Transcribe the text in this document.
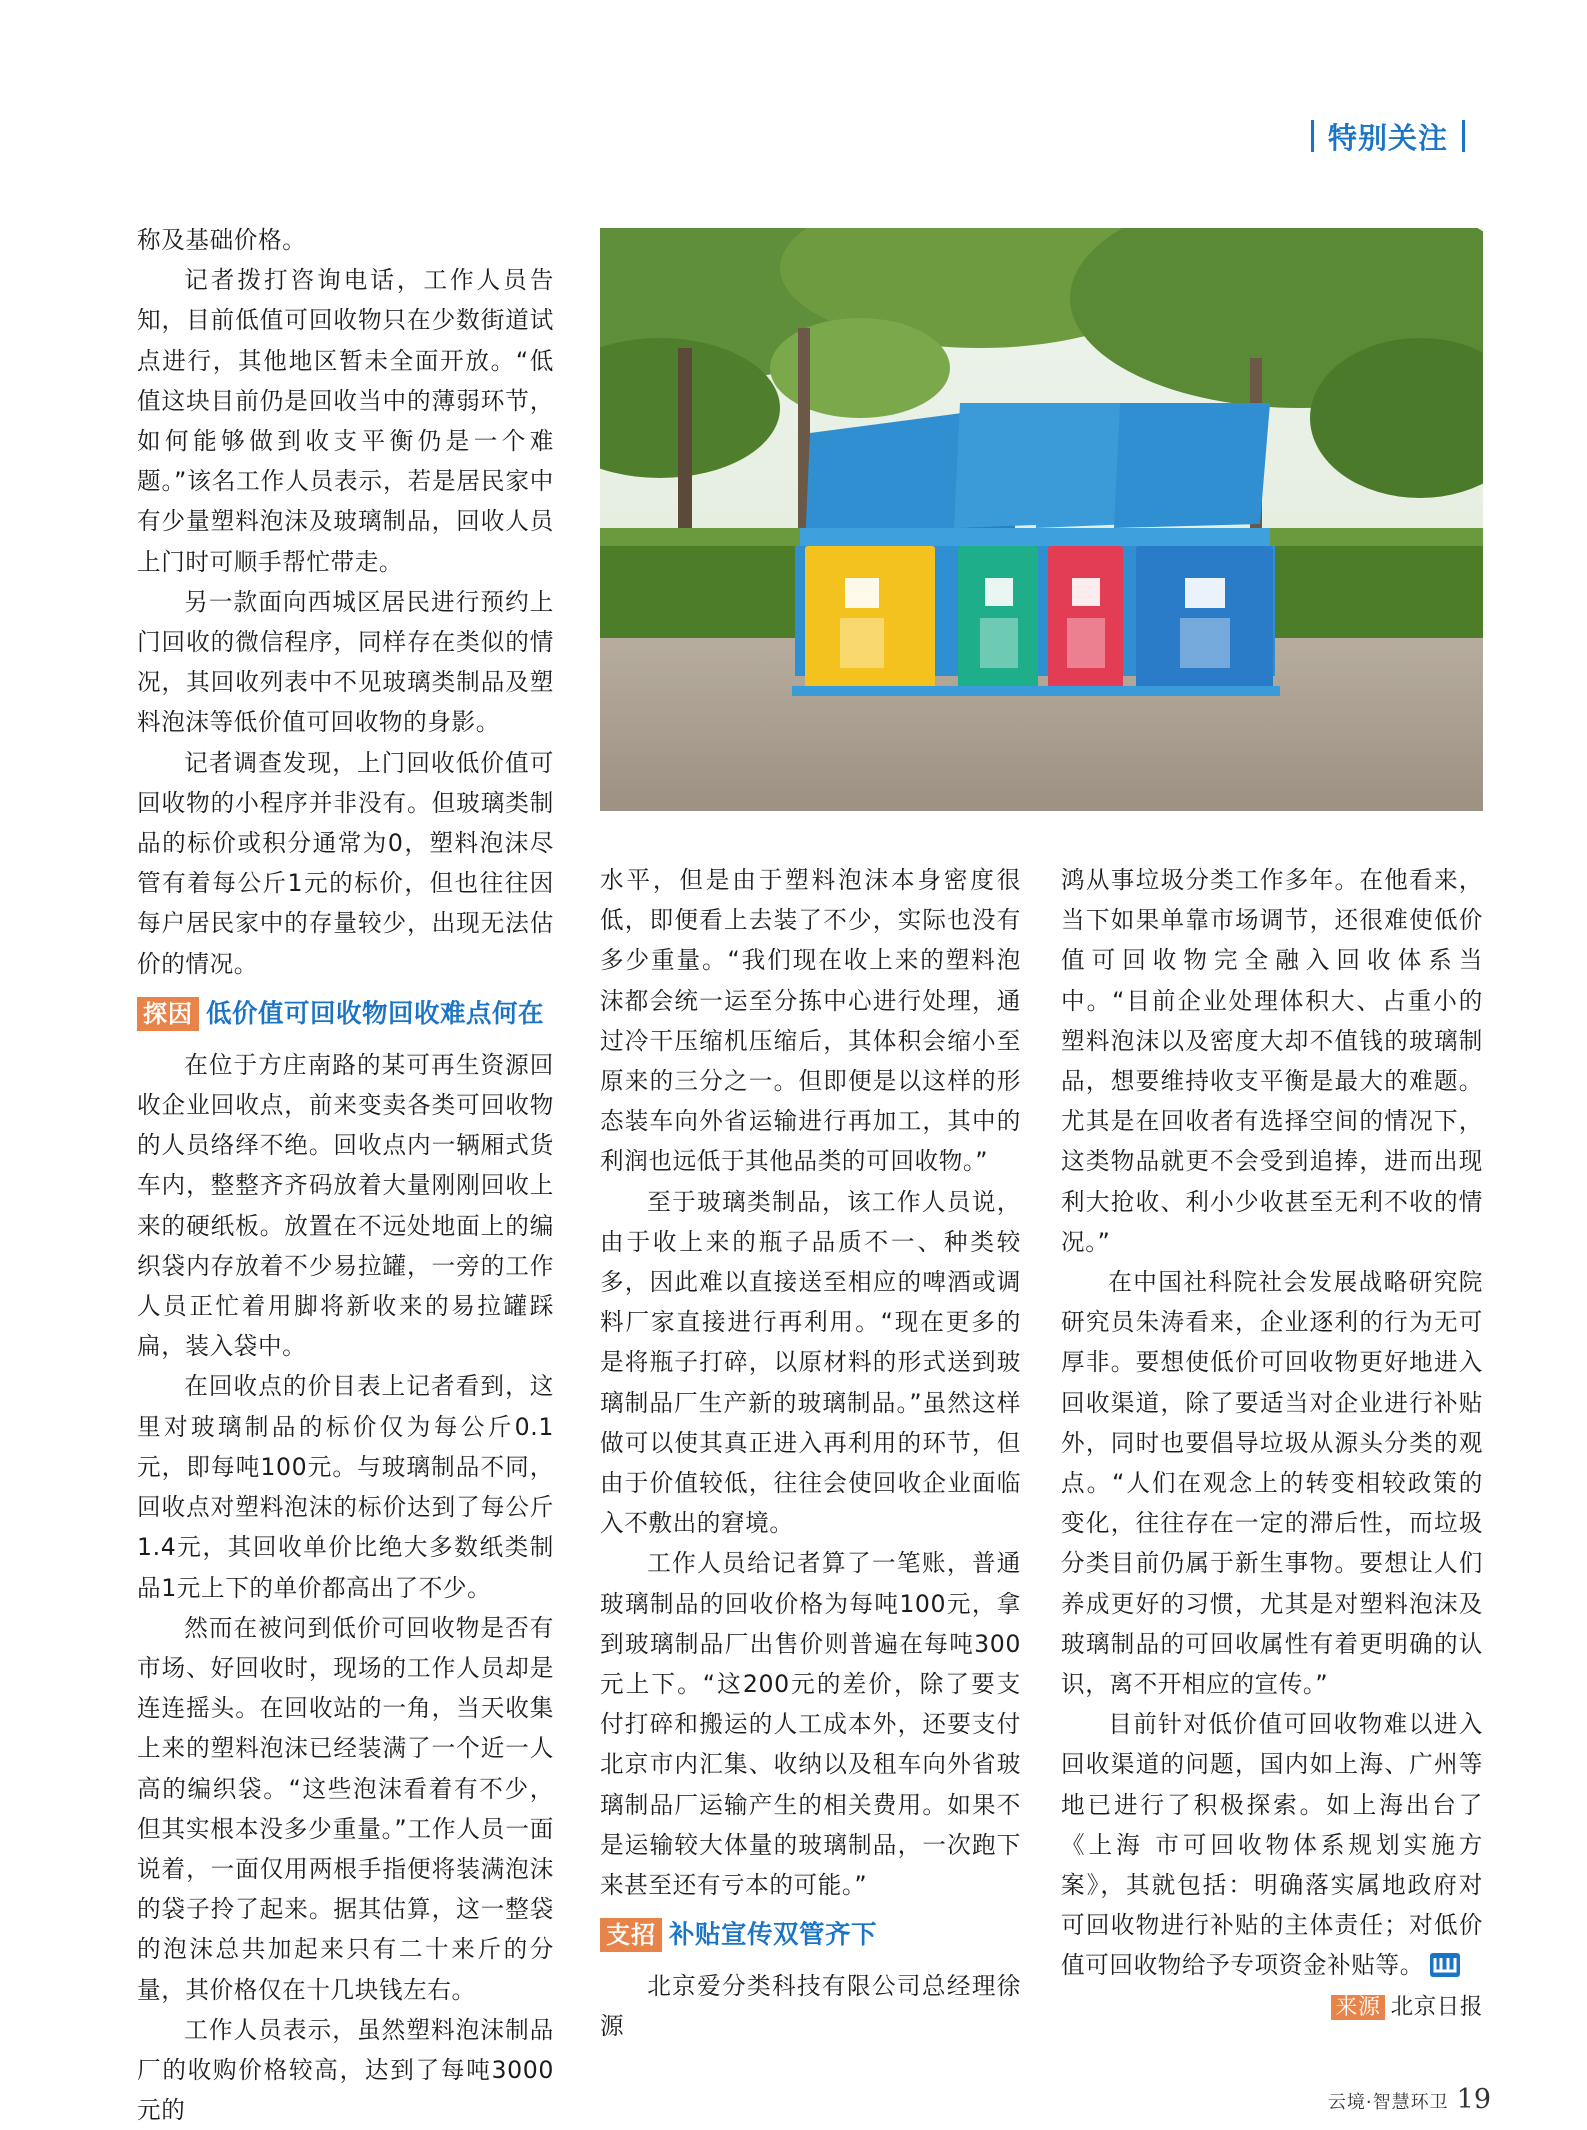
特别关注

称及基础价格。

记者拨打咨询电话，工作人员告知，目前低值可回收物只在少数街道试点进行，其他地区暂未全面开放。“低值这块目前仍是回收当中的薄弱环节，如何能够做到收支平衡仍是一个难题。”该名工作人员表示，若是居民家中有少量塑料泡沫及玻璃制品，回收人员上门时可顺手帮忙带走。

另一款面向西城区居民进行预约上门回收的微信程序，同样存在类似的情况，其回收列表中不见玻璃类制品及塑料泡沫等低价值可回收物的身影。

记者调查发现，上门回收低价值可回收物的小程序并非没有。但玻璃类制品的标价或积分通常为0，塑料泡沫尽管有着每公斤1元的标价，但也往往因每户居民家中的存量较少，出现无法估价的情况。

探因 低价值可回收物回收难点何在

在位于方庄南路的某可再生资源回收企业回收点，前来变卖各类可回收物的人员络绎不绝。回收点内一辆厢式货车内，整整齐齐码放着大量刚刚回收上来的硬纸板。放置在不远处地面上的编织袋内存放着不少易拉罐，一旁的工作人员正忙着用脚将新收来的易拉罐踩扁，装入袋中。

在回收点的价目表上记者看到，这里对玻璃制品的标价仅为每公斤0.1元，即每吨100元。与玻璃制品不同，回收点对塑料泡沫的标价达到了每公斤1.4元，其回收单价比绝大多数纸类制品1元上下的单价都高出了不少。

然而在被问到低价可回收物是否有市场、好回收时，现场的工作人员却是连连摇头。在回收站的一角，当天收集上来的塑料泡沫已经装满了一个近一人高的编织袋。“这些泡沫看着有不少，但其实根本没多少重量。”工作人员一面说着，一面仅用两根手指便将装满泡沫的袋子拎了起来。据其估算，这一整袋的泡沫总共加起来只有二十来斤的分量，其价格仅在十几块钱左右。

工作人员表示，虽然塑料泡沫制品厂的收购价格较高，达到了每吨3000元的

水平，但是由于塑料泡沫本身密度很低，即便看上去装了不少，实际也没有多少重量。“我们现在收上来的塑料泡沫都会统一运至分拣中心进行处理，通过冷干压缩机压缩后，其体积会缩小至原来的三分之一。但即便是以这样的形态装车向外省运输进行再加工，其中的利润也远低于其他品类的可回收物。”

至于玻璃类制品，该工作人员说，由于收上来的瓶子品质不一、种类较多，因此难以直接送至相应的啤酒或调料厂家直接进行再利用。“现在更多的是将瓶子打碎，以原材料的形式送到玻璃制品厂生产新的玻璃制品。”虽然这样做可以使其真正进入再利用的环节，但由于价值较低，往往会使回收企业面临入不敷出的窘境。

工作人员给记者算了一笔账，普通玻璃制品的回收价格为每吨100元，拿到玻璃制品厂出售价则普遍在每吨300元上下。“这200元的差价，除了要支付打碎和搬运的人工成本外，还要支付北京市内汇集、收纳以及租车向外省玻璃制品厂运输产生的相关费用。如果不是运输较大体量的玻璃制品，一次跑下来甚至还有亏本的可能。”

支招 补贴宣传双管齐下

北京爱分类科技有限公司总经理徐源

鸿从事垃圾分类工作多年。在他看来，当下如果单靠市场调节，还很难使低价值可回收物完全融入回收体系当中。“目前企业处理体积大、占重小的塑料泡沫以及密度大却不值钱的玻璃制品，想要维持收支平衡是最大的难题。尤其是在回收者有选择空间的情况下，这类物品就更不会受到追捧，进而出现利大抢收、利小少收甚至无利不收的情况。”

在中国社科院社会发展战略研究院研究员朱涛看来，企业逐利的行为无可厚非。要想使低价可回收物更好地进入回收渠道，除了要适当对企业进行补贴外，同时也要倡导垃圾从源头分类的观点。“人们在观念上的转变相较政策的变化，往往存在一定的滞后性，而垃圾分类目前仍属于新生事物。要想让人们养成更好的习惯，尤其是对塑料泡沫及玻璃制品的可回收属性有着更明确的认识，离不开相应的宣传。”

目前针对低价值可回收物难以进入回收渠道的问题，国内如上海、广州等地已进行了积极探索。如上海出台了《上海 市可回收物体系规划实施方案》，其就包括：明确落实属地政府对可回收物进行补贴的主体责任；对低价值可回收物给予专项资金补贴等。

来源 北京日报

云境·智慧环卫 19
